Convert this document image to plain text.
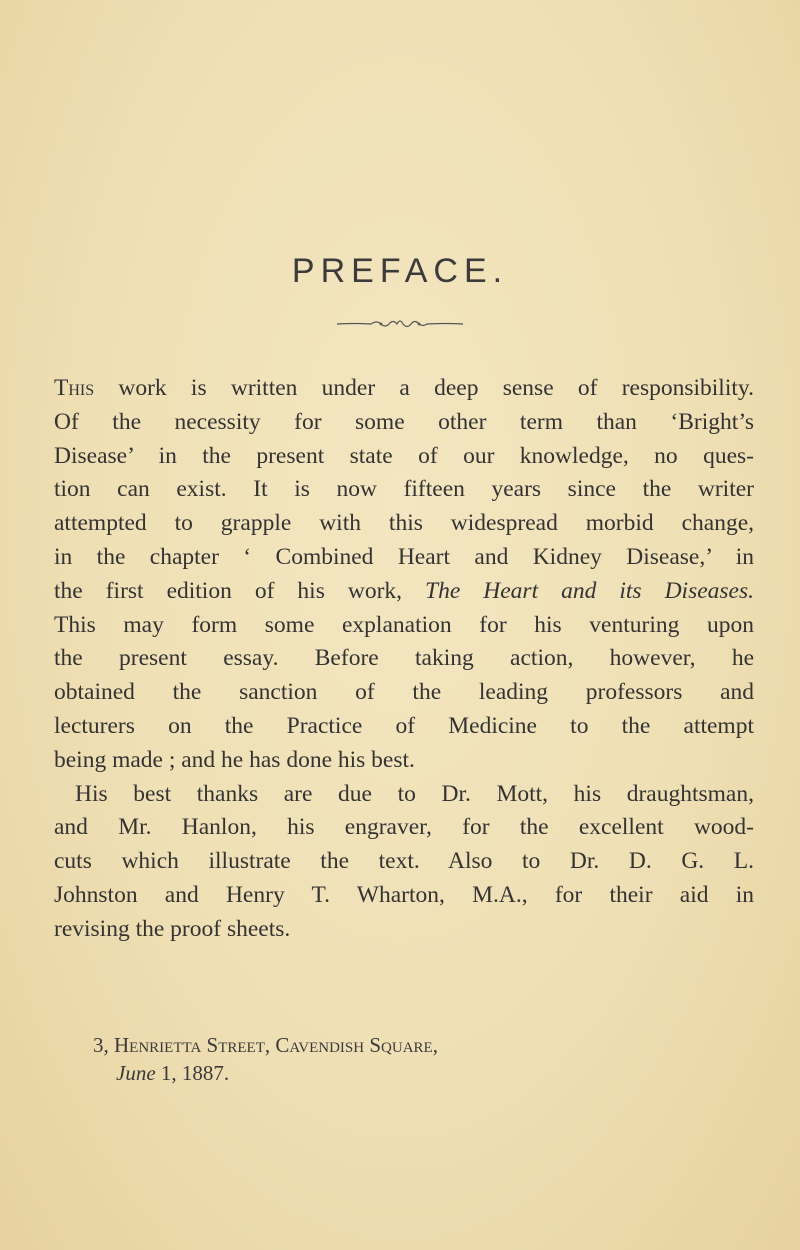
PREFACE.

This work is written under a deep sense of responsibility.
Of the necessity for some other term than ‘Bright’s
Disease’ in the present state of our knowledge, no ques-
tion can exist. It is now fifteen years since the writer
attempted to grapple with this widespread morbid change,
in the chapter ‘ Combined Heart and Kidney Disease,’ in
the first edition of his work, The Heart and its Diseases.
This may form some explanation for his venturing upon
the present essay. Before taking action, however, he
obtained the sanction of the leading professors and
lecturers on the Practice of Medicine to the attempt
being made ; and he has done his best.

His best thanks are due to Dr. Mott, his draughtsman,
and Mr. Hanlon, his engraver, for the excellent wood-
cuts which illustrate the text. Also to Dr. D. G. L.
Johnston and Henry T. Wharton, M.A., for their aid in
revising the proof sheets.

3, Henrietta Street, Cavendish Square,
June 1, 1887.
